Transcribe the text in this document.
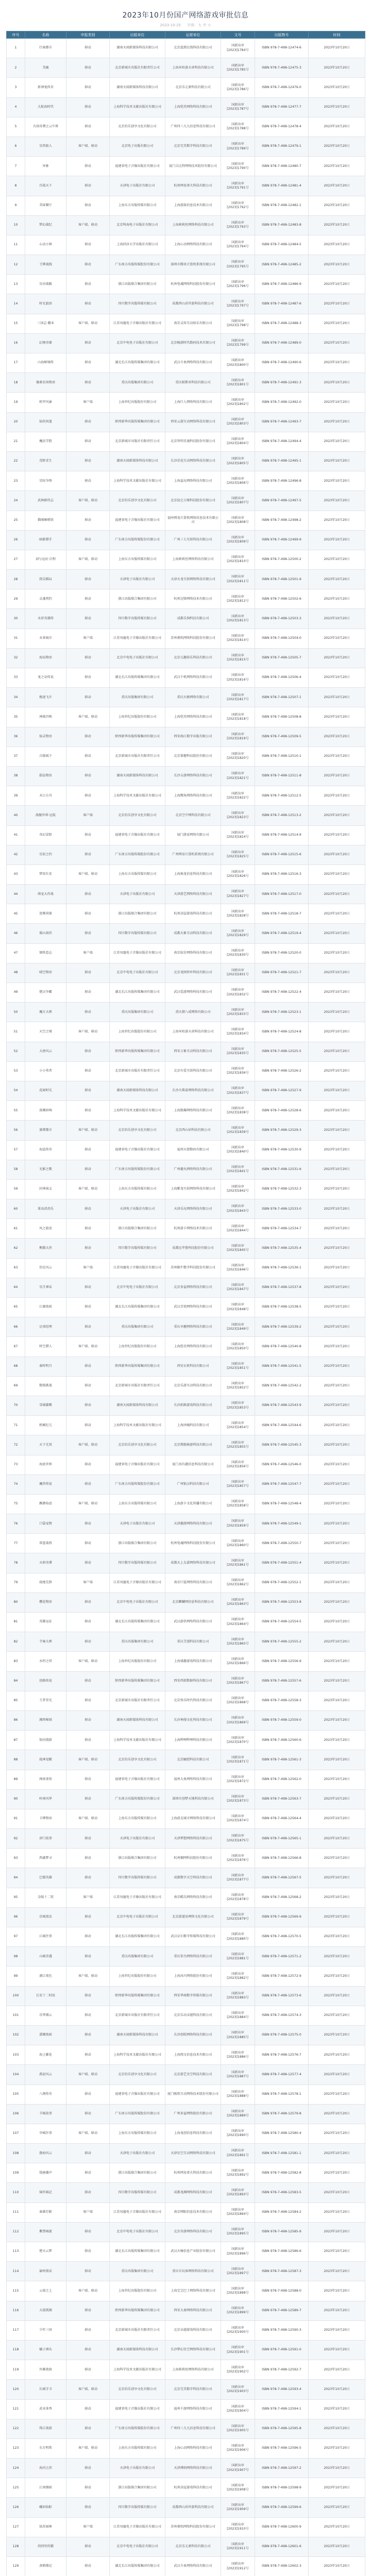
2023年10月份国产网络游戏审批信息
2023-10-25 字体：大 中 小
序号	名称	申报类别	出版单位	运营单位	文号	出版物号	时间
1	行商都市	移动	湖南天闻新媒体科技有限公司	北京蓝港在线科技有限公司	国新出审[2023]1784号	ISBN 978-7-498-12474-6	2023年10月20日
2	美鹿	移动	北京新城市出版社有限责任公司	上海米哈游天命科技有限公司	国新出审[2023]1785号	ISBN 978-7-498-12475-3	2023年10月20日
3	新神鬼传奇	移动	湖南天闻新媒体科技有限公司	北京乐元素科技有限公司	国新出审[2023]1786号	ISBN 978-7-498-12476-0	2023年10月20日
4	大航海时代	移动	上海科学技术文献出版社有限公司	上海恺英网络科技有限公司	国新出审[2023]1787号	ISBN 978-7-498-12477-7	2023年10月20日
5	古剑奇谭之云中界	移动	北京伯乐创享文化有限公司	广州四三九九信息科技有限公司	国新出审[2023]1788号	ISBN 978-7-498-12478-4	2023年10月20日
6	星塔旅人	客户端、移动	北京电子出版有限公司	北京完美数字科技有限公司	国新出审[2023]1789号	ISBN 978-7-498-12479-1	2023年10月20日
7	异象	移动	福建省电子音像出版社有限公司	厦门吉比特网络技术股份有限公司	国新出审[2023]1790号	ISBN 978-7-498-12480-7	2023年10月20日
8	百战天下	移动	天津电子出版社有限公司	杭州网易雷火科技有限公司	国新出审[2023]1791号	ISBN 978-7-498-12481-4	2023年10月20日
9	美味餐厅	移动	上海东方出版传媒有限公司	上海游族信息技术有限公司	国新出审[2023]1792号	ISBN 978-7-498-12482-1	2023年10月20日
10	梦幻战纪	客户端、移动	北京科海电子出版社有限公司	上海莉莉丝网络科技有限公司	国新出审[2023]1793号	ISBN 978-7-498-12483-8	2023年10月20日
11	心动小镇	移动	上海同济大学出版社有限公司	上海心动网络科技有限公司	国新出审[2023]1794号	ISBN 978-7-498-12484-5	2023年10月20日
12	王牌战线	移动	广东南方出版传媒股份有限公司	深圳市腾讯计算机系统有限公司	国新出审[2023]1795号	ISBN 978-7-498-12485-2	2023年10月20日
13	星河战舰	移动	浙江出版联合集团有限公司	杭州电魂网络科技股份有限公司	国新出审[2023]1796号	ISBN 978-7-498-12486-9	2023年10月20日
14	时光旅团	移动	四川数字出版传媒有限公司	成都西山居世游科技有限公司	国新出审[2023]1797号	ISBN 978-7-498-12487-6	2023年10月20日
15	三国志·霸业	客户端、移动	江苏凤凰电子音像出版社有限公司	南京灵犀互动娱乐有限公司	国新出审[2023]1798号	ISBN 978-7-498-12488-3	2023年10月20日
16	幻境奇缘	移动	北京中电电子出版社有限公司	北京畅游时代数码技术有限公司	国新出审[2023]1799号	ISBN 978-7-498-12489-0	2023年10月20日
17	山海秘境传	移动	湖北长江出版传媒集团有限公司	武汉斗鱼网络科技有限公司	国新出审[2023]1800号	ISBN 978-7-498-12490-6	2023年10月20日
18	像素农场物语	移动	重庆出版集团有限公司	重庆帕斯亚科技有限公司	国新出审[2023]1801号	ISBN 978-7-498-12491-3	2023年10月20日
19	机甲风暴	客户端	上海世纪出版股份有限公司	上海巨人网络科技有限公司	国新出审[2023]1802号	ISBN 978-7-498-12492-0	2023年10月20日
20	仙侠问道	移动	陕西新华出版传媒集团有限公司	西安云游互动网络科技有限公司	国新出审[2023]1803号	ISBN 978-7-498-12493-7	2023年10月20日
21	魔法学院	移动	北京新城市出版社有限责任公司	北京智明星通科技股份有限公司	国新出审[2023]1804号	ISBN 978-7-498-12494-4	2023年10月20日
22	荒野求生	移动	湖南天闻新媒体科技有限公司	长沙草花互动网络科技有限公司	国新出审[2023]1805号	ISBN 978-7-498-12495-1	2023年10月20日
23	星际争锋	移动	上海科学技术文献出版社有限公司	上海益玩网络科技有限公司	国新出审[2023]1806号	ISBN 978-7-498-12496-8	2023年10月20日
24	武林群侠志	客户端、移动	北京伯乐创享文化有限公司	北京昆仑万维科技股份有限公司	国新出审[2023]1807号	ISBN 978-7-498-12497-5	2023年10月20日
25	猫咪咖啡馆	移动	福建省电子音像出版社有限公司	福州网龙计算机网络信息技术有限公司	国新出审[2023]1808号	ISBN 978-7-498-12498-2	2023年10月20日
26	暗影猎手	移动	广东南方出版传媒股份有限公司	广州三七互娱科技有限公司	国新出审[2023]1809号	ISBN 978-7-498-12499-9	2023年10月20日
27	剑与远征·启程	客户端、移动	上海东方出版传媒有限公司	上海莉莉丝网络科技有限公司	国新出审[2023]1810号	ISBN 978-7-498-12500-2	2023年10月20日
28	指尖棋局	移动	天津电子出版社有限公司	天津天龙互娱网络科技有限公司	国新出审[2023]1811号	ISBN 978-7-498-12501-9	2023年10月20日
29	灵魂契约	移动	浙江出版联合集团有限公司	杭州边锋网络技术有限公司	国新出审[2023]1812号	ISBN 978-7-498-12502-6	2023年10月20日
30	水浒英雄传	移动	四川数字出版传媒有限公司	成都乐狗科技有限公司	国新出审[2023]1813号	ISBN 978-7-498-12503-3	2023年10月20日
31	未来城市	客户端	江苏凤凰电子音像出版社有限公司	苏州叠纸网络科技股份有限公司	国新出审[2023]1814号	ISBN 978-7-498-12504-0	2023年10月20日
32	海岛物语	移动	北京中电电子出版社有限公司	北京元趣娱乐科技有限公司	国新出审[2023]1815号	ISBN 978-7-498-12505-7	2023年10月20日
33	龙之谷传说	移动	湖北长江出版传媒集团有限公司	武汉千机网络科技有限公司	国新出审[2023]1816号	ISBN 978-7-498-12506-4	2023年10月20日
34	极速飞车	移动	重庆出版集团有限公司	重庆天极网络有限公司	国新出审[2023]1817号	ISBN 978-7-498-12507-1	2023年10月20日
35	神域召唤	客户端、移动	上海世纪出版股份有限公司	上海恺英网络科技有限公司	国新出审[2023]1818号	ISBN 978-7-498-12508-8	2023年10月20日
36	仙灵物语	移动	陕西新华出版传媒集团有限公司	西安曲江数字出版有限公司	国新出审[2023]1819号	ISBN 978-7-498-12509-5	2023年10月20日
37	兵临城下	移动	北京新城市出版社有限责任公司	北京掌趣科技股份有限公司	国新出审[2023]1820号	ISBN 978-7-498-12510-1	2023年10月20日
38	甜品物语	移动	湖南天闻新媒体科技有限公司	长沙吉游网络科技有限公司	国新出审[2023]1821号	ISBN 978-7-498-12511-8	2023年10月20日
39	末日方舟	移动	上海科学技术文献出版社有限公司	上海鹰角网络科技有限公司	国新出审[2023]1822号	ISBN 978-7-498-12512-5	2023年10月20日
40	战舰世界·远航	客户端	北京伯乐创享文化有限公司	北京空中网科技有限公司	国新出审[2023]1823号	ISBN 978-7-498-12513-2	2023年10月20日
41	奇幻冒险	移动	福建省电子音像出版社有限公司	厦门游家网络有限公司	国新出审[2023]1824号	ISBN 978-7-498-12514-9	2023年10月20日
42	星辰之约	移动	广东南方出版传媒股份有限公司	广州网易计算机系统有限公司	国新出审[2023]1825号	ISBN 978-7-498-12515-6	2023年10月20日
43	梦回长安	客户端、移动	上海东方出版传媒有限公司	上海烛龙信息科技有限公司	国新出审[2023]1826号	ISBN 978-7-498-12516-3	2023年10月20日
44	萌宠大作战	移动	天津电子出版社有限公司	天津游艺网络科技有限公司	国新出审[2023]1827号	ISBN 978-7-498-12517-0	2023年10月20日
45	迷雾侦探	移动	浙江出版联合集团有限公司	杭州凉屋游戏科技有限公司	国新出审[2023]1828号	ISBN 978-7-498-12518-7	2023年10月20日
46	蜀山剑侠	移动	四川数字出版传媒有限公司	成都天象互动科技有限公司	国新出审[2023]1829号	ISBN 978-7-498-12519-4	2023年10月20日
47	钢铁意志	客户端	江苏凤凰电子音像出版社有限公司	南京炫佳网络科技有限公司	国新出审[2023]1830号	ISBN 978-7-498-12520-0	2023年10月20日
48	晴空物语	移动	北京中电电子出版社有限公司	北京龙图智库科技有限公司	国新出审[2023]1831号	ISBN 978-7-498-12521-7	2023年10月20日
49	楚汉争霸	移动	湖北长江出版传媒集团有限公司	武汉爱游网络科技有限公司	国新出审[2023]1832号	ISBN 978-7-498-12522-4	2023年10月20日
50	魔方大师	移动	重庆出版集团有限公司	重庆猪八戒网络有限公司	国新出审[2023]1833号	ISBN 978-7-498-12523-1	2023年10月20日
51	天空之境	客户端、移动	上海世纪出版股份有限公司	上海米哈游天命科技有限公司	国新出审[2023]1834号	ISBN 978-7-498-12524-8	2023年10月20日
52	大唐风云	移动	陕西新华出版传媒集团有限公司	西安万象互动科技有限公司	国新出审[2023]1835号	ISBN 978-7-498-12525-5	2023年10月20日
53	小小勇者	移动	北京新城市出版社有限责任公司	北京有爱互娱科技有限公司	国新出审[2023]1836号	ISBN 978-7-498-12526-2	2023年10月20日
54	花园时光	移动	湖南天闻新媒体科技有限公司	长沙火柴盒网络科技有限公司	国新出审[2023]1837号	ISBN 978-7-498-12527-9	2023年10月20日
55	深渊回响	移动	上海科学技术文献出版社有限公司	上海散爆网络科技有限公司	国新出审[2023]1838号	ISBN 978-7-498-12528-6	2023年10月20日
56	赛博都市	客户端、移动	北京伯乐创享文化有限公司	北京西山居科技有限公司	国新出审[2023]1839号	ISBN 978-7-498-12529-3	2023年10月20日
57	海盗传奇	移动	福建省电子音像出版社有限公司	福州天盟数码有限公司	国新出审[2023]1840号	ISBN 978-7-498-12530-9	2023年10月20日
58	光影之歌	移动	广东南方出版传媒股份有限公司	广州趣丸网络科技有限公司	国新出审[2023]1841号	ISBN 978-7-498-12531-6	2023年10月20日
59	封神演义	客户端、移动	上海东方出版传媒有限公司	上海紫龙互娱网络科技有限公司	国新出审[2023]1842号	ISBN 978-7-498-12532-3	2023年10月20日
60	果冻消消乐	移动	天津电子出版社有限公司	天津乐玩网络科技有限公司	国新出审[2023]1843号	ISBN 978-7-498-12533-0	2023年10月20日
61	风之旅途	移动	浙江出版联合集团有限公司	杭州游卡网络技术有限公司	国新出审[2023]1844号	ISBN 978-7-498-12534-7	2023年10月20日
62	熊猫大侠	移动	四川数字出版传媒有限公司	成都尼毕鲁科技股份有限公司	国新出审[2023]1845号	ISBN 978-7-498-12535-4	2023年10月20日
63	坦克风云	客户端	江苏凤凰电子音像出版社有限公司	苏州蜗牛数字科技股份有限公司	国新出审[2023]1846号	ISBN 978-7-498-12536-1	2023年10月20日
64	星月神话	移动	北京中电电子出版社有限公司	北京多益网络科技有限公司	国新出审[2023]1847号	ISBN 978-7-498-12537-8	2023年10月20日
65	江湖夜雨	移动	湖北长江出版传媒集团有限公司	武汉青瓷网络科技有限公司	国新出审[2023]1848号	ISBN 978-7-498-12538-5	2023年10月20日
66	足球经理	移动	重庆出版集团有限公司	重庆享趣网络科技有限公司	国新出审[2023]1849号	ISBN 978-7-498-12539-2	2023年10月20日
67	时空猎人	客户端、移动	上海世纪出版股份有限公司	上海悠星网络科技有限公司	国新出审[2023]1850号	ISBN 978-7-498-12540-8	2023年10月20日
68	秦时明月	移动	陕西新华出版传媒集团有限公司	西安玄机科技有限公司	国新出审[2023]1851号	ISBN 978-7-498-12541-5	2023年10月20日
69	数独挑战	移动	北京新城市出版社有限责任公司	北京乐游互动科技有限公司	国新出审[2023]1852号	ISBN 978-7-498-12542-2	2023年10月20日
70	雪域雄鹰	移动	湖南天闻新媒体科技有限公司	长沙拓维游戏科技有限公司	国新出审[2023]1853号	ISBN 978-7-498-12543-9	2023年10月20日
71	机械纪元	移动	上海科学技术文献出版社有限公司	上海沐瞳科技有限公司	国新出审[2023]1854号	ISBN 978-7-498-12544-6	2023年10月20日
72	天下无双	客户端、移动	北京伯乐创享文化有限公司	北京搜狐畅游科技有限公司	国新出审[2023]1855号	ISBN 978-7-498-12545-3	2023年10月20日
73	海底世界	移动	福建省电子音像出版社有限公司	厦门真有趣信息科技有限公司	国新出审[2023]1856号	ISBN 978-7-498-12546-0	2023年10月20日
74	魔兽传说	移动	广东南方出版传媒股份有限公司	广州银汉科技有限公司	国新出审[2023]1857号	ISBN 978-7-498-12547-7	2023年10月20日
75	飘渺仙途	客户端、移动	上海东方出版传媒有限公司	上海游卡文化传播有限公司	国新出审[2023]1858号	ISBN 978-7-498-12548-4	2023年10月20日
76	口袋宠物	移动	天津电子出版社有限公司	天津趣游网络科技有限公司	国新出审[2023]1859号	ISBN 978-7-498-12549-1	2023年10月20日
77	雷霆战将	移动	浙江出版联合集团有限公司	杭州电魂网络科技股份有限公司	国新出审[2023]1860号	ISBN 978-7-498-12550-7	2023年10月20日
78	天府奇谭	移动	四川数字出版传媒有限公司	成都天上友嘉网络科技有限公司	国新出审[2023]1861号	ISBN 978-7-498-12551-4	2023年10月20日
79	战地先锋	客户端	江苏凤凰电子音像出版社有限公司	南京巨鲨网络科技有限公司	国新出审[2023]1862号	ISBN 978-7-498-12552-1	2023年10月20日
80	樱花物语	移动	北京中电电子出版社有限公司	北京麒麟网信息科技有限公司	国新出审[2023]1863号	ISBN 978-7-498-12553-8	2023年10月20日
81	英雄远征	移动	湖北长江出版传媒集团有限公司	武汉游侠网络科技有限公司	国新出审[2023]1864号	ISBN 978-7-498-12554-5	2023年10月20日
82	节奏大师	移动	重庆出版集团有限公司	重庆艾漫科技有限公司	国新出审[2023]1865号	ISBN 978-7-498-12555-2	2023年10月20日
83	永恒之塔	客户端、移动	上海世纪出版股份有限公司	上海盛趣游戏科技有限公司	国新出审[2023]1866号	ISBN 978-7-498-12556-9	2023年10月20日
84	丝路传说	移动	陕西新华出版传媒集团有限公司	西安西部数据科技有限公司	国新出审[2023]1867号	ISBN 978-7-498-12557-6	2023年10月20日
85	王者荣光	移动	北京新城市出版社有限责任公司	北京快乐时代科技有限公司	国新出审[2023]1868号	ISBN 978-7-498-12558-3	2023年10月20日
86	湘西秘闻	移动	湖南天闻新媒体科技有限公司	长沙神漫文化科技有限公司	国新出审[2023]1869号	ISBN 978-7-498-12559-0	2023年10月20日
87	银河漫游	移动	上海科学技术文献出版社有限公司	上海哔哩哔哩科技有限公司	国新出审[2023]1870号	ISBN 978-7-498-12560-6	2023年10月20日
88	战神觉醒	客户端、移动	北京伯乐创享文化有限公司	北京触控科技有限公司	国新出审[2023]1871号	ISBN 978-7-498-12561-3	2023年10月20日
89	闽南茶馆	移动	福建省电子音像出版社有限公司	福州大鱼网络科技有限公司	国新出审[2023]1872号	ISBN 978-7-498-12562-0	2023年10月20日
90	岭南风华	移动	广东南方出版传媒股份有限公司	深圳市创梦天地科技有限公司	国新出审[2023]1873号	ISBN 978-7-498-12563-7	2023年10月20日
91	卡牌物语	客户端、移动	上海东方出版传媒有限公司	上海波克城市网络科技有限公司	国新出审[2023]1874号	ISBN 978-7-498-12564-4	2023年10月20日
92	津门故事	移动	天津电子出版社有限公司	天津梦想网络科技有限公司	国新出审[2023]1875号	ISBN 978-7-498-12565-1	2023年10月20日
93	西湖梦寻	移动	浙江出版联合集团有限公司	杭州顺网科技股份有限公司	国新出审[2023]1876号	ISBN 978-7-498-12566-8	2023年10月20日
94	巴蜀英雄	移动	四川数字出版传媒有限公司	成都数字天空科技有限公司	国新出审[2023]1877号	ISBN 978-7-498-12567-5	2023年10月20日
95	金陵十二钗	客户端	江苏凤凰电子音像出版社有限公司	南京酷乐网络科技有限公司	国新出审[2023]1878号	ISBN 978-7-498-12568-2	2023年10月20日
96	京城夜话	移动	北京中电电子出版社有限公司	北京游道易网络文化有限公司	国新出审[2023]1879号	ISBN 978-7-498-12569-9	2023年10月20日
97	江城往事	移动	湖北长江出版传媒集团有限公司	武汉卓尔数字传媒科技有限公司	国新出审[2023]1880号	ISBN 978-7-498-12570-5	2023年10月20日
98	山城奇遇	移动	重庆出版集团有限公司	重庆笨鸟网络科技有限公司	国新出审[2023]1881号	ISBN 978-7-498-12571-2	2023年10月20日
99	浦江夜色	客户端、移动	上海世纪出版股份有限公司	上海冰川网络股份有限公司	国新出审[2023]1882号	ISBN 978-7-498-12572-9	2023年10月20日
100	长安十二时辰	移动	陕西新华出版传媒集团有限公司	西安华商数字传媒有限公司	国新出审[2023]1883号	ISBN 978-7-498-12573-6	2023年10月20日
101	京华烟云	移动	北京新城市出版社有限责任公司	北京乐动卓越科技有限公司	国新出审[2023]1884号	ISBN 978-7-498-12574-3	2023年10月20日
102	潇湘夜雨	移动	湖南天闻新媒体科技有限公司	长沙创娱网络科技有限公司	国新出审[2023]1885号	ISBN 978-7-498-12575-0	2023年10月20日
103	海上繁花	移动	上海科学技术文献出版社有限公司	上海阅文信息技术有限公司	国新出审[2023]1886号	ISBN 978-7-498-12576-7	2023年10月20日
104	燕赵风云	客户端、移动	北京伯乐创享文化有限公司	北京游艺星空科技有限公司	国新出审[2023]1887号	ISBN 978-7-498-12577-4	2023年10月20日
105	八闽传奇	移动	福建省电子音像出版社有限公司	厦门极致互动网络技术股份有限公司	国新出审[2023]1888号	ISBN 978-7-498-12578-1	2023年10月20日
106	羊城故事	移动	广东南方出版传媒股份有限公司	广州多益网络股份有限公司	国新出审[2023]1889号	ISBN 978-7-498-12579-8	2023年10月20日
107	申城往事	客户端、移动	上海东方出版传媒有限公司	上海龙创信息科技有限公司	国新出审[2023]1890号	ISBN 978-7-498-12580-4	2023年10月20日
108	渤海风云	移动	天津电子出版社有限公司	天津星空互动网络科技有限公司	国新出审[2023]1891号	ISBN 978-7-498-12581-1	2023年10月20日
109	钱塘潮声	移动	浙江出版联合集团有限公司	杭州网易雷火科技有限公司	国新出审[2023]1892号	ISBN 978-7-498-12582-8	2023年10月20日
110	锦官城记	移动	四川数字出版传媒有限公司	成都龙渊网络科技有限公司	国新出审[2023]1893号	ISBN 978-7-498-12583-5	2023年10月20日
111	秦淮灯影	客户端	江苏凤凰电子音像出版社有限公司	南京网眼信息技术有限公司	国新出审[2023]1894号	ISBN 978-7-498-12584-2	2023年10月20日
112	紫禁城谜	移动	北京中电电子出版社有限公司	北京奇游网络科技有限公司	国新出审[2023]1895号	ISBN 978-7-498-12585-9	2023年10月20日
113	楚天云梦	移动	湖北长江出版传媒集团有限公司	武汉天喻信息产业股份有限公司	国新出审[2023]1896号	ISBN 978-7-498-12586-6	2023年10月20日
114	渝州夜话	移动	重庆出版集团有限公司	重庆市玩客网络科技有限公司	国新出审[2023]1897号	ISBN 978-7-498-12587-3	2023年10月20日
115	云端之上	客户端、移动	上海世纪出版股份有限公司	上海宝宝巴士网络科技有限公司	国新出审[2023]1898号	ISBN 978-7-498-12588-0	2023年10月20日
116	大漠孤烟	移动	陕西新华出版传媒集团有限公司	西安大秦网络科技有限公司	国新出审[2023]1899号	ISBN 978-7-498-12589-7	2023年10月20日
117	少年三国	移动	北京新城市出版社有限责任公司	北京卓越游戏科技有限公司	国新出审[2023]1900号	ISBN 978-7-498-12590-3	2023年10月20日
118	橘子洲头	移动	湖南天闻新媒体科技有限公司	长沙梦幻星空网络科技有限公司	国新出审[2023]1901号	ISBN 978-7-498-12591-0	2023年10月20日
119	外滩夜曲	移动	上海科学技术文献出版社有限公司	上海莉莉丝网络科技有限公司	国新出审[2023]1902号	ISBN 978-7-498-12592-7	2023年10月20日
120	长城守卫	客户端、移动	北京伯乐创享文化有限公司	北京完美数字科技有限公司	国新出审[2023]1903号	ISBN 978-7-498-12593-4	2023年10月20日
121	武夷茶香	移动	福建省电子音像出版社有限公司	福州千游网络科技有限公司	国新出审[2023]1904号	ISBN 978-7-498-12594-1	2023年10月20日
122	珠江夜游	移动	广东南方出版传媒股份有限公司	广州四三九九信息科技有限公司	国新出审[2023]1905号	ISBN 978-7-498-12595-8	2023年10月20日
123	东方明珠	客户端、移动	上海东方出版传媒有限公司	上海心动网络科技有限公司	国新出审[2023]1906号	ISBN 978-7-498-12596-5	2023年10月20日
124	海河之滨	移动	天津电子出版社有限公司	天津博纳网络科技有限公司	国新出审[2023]1907号	ISBN 978-7-498-12597-2	2023年10月20日
125	江南烟雨	移动	浙江出版联合集团有限公司	杭州凉屋游戏科技有限公司	国新出审[2023]1908号	ISBN 978-7-498-12598-9	2023年10月20日
126	峨眉仙踪	移动	四川数字出版传媒有限公司	成都西山居世游科技有限公司	国新出审[2023]1909号	ISBN 978-7-498-12599-6	2023年10月20日
127	姑苏园林	客户端	江苏凤凰电子音像出版社有限公司	苏州叠纸网络科技股份有限公司	国新出审[2023]1910号	ISBN 978-7-498-12600-9	2023年10月20日
128	胡同里的猫	移动	北京中电电子出版社有限公司	北京乐元素科技有限公司	国新出审[2023]1911号	ISBN 978-7-498-12601-6	2023年10月20日
129	黄鹤楼记	移动	湖北长江出版传媒集团有限公司	武汉斗鱼网络科技有限公司	国新出审[2023]1912号	ISBN 978-7-498-12602-3	2023年10月20日
